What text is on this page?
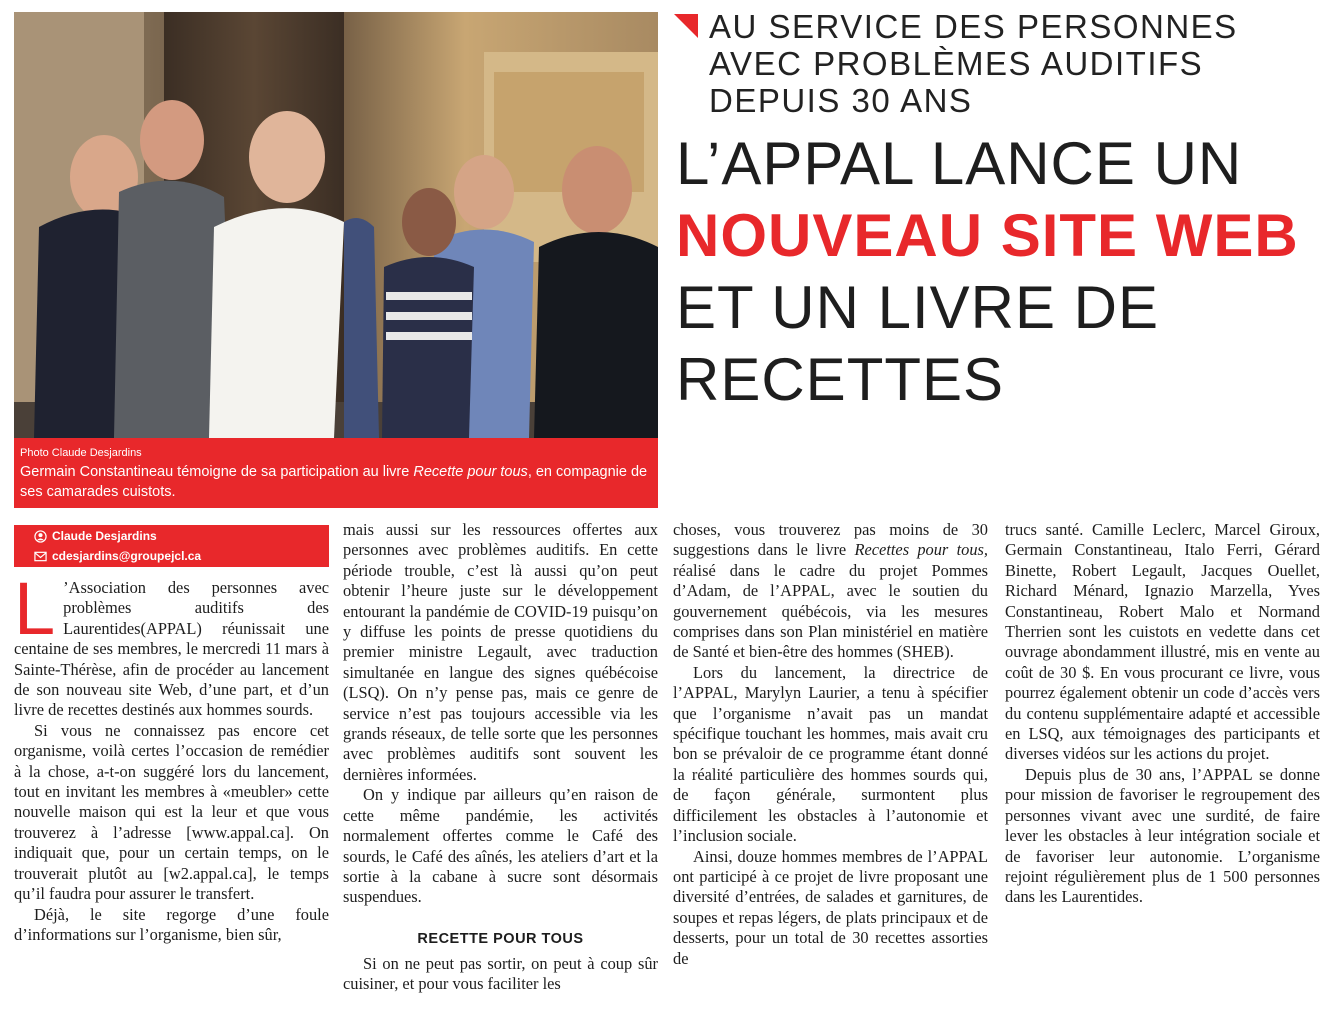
Photo Claude Desjardins
Germain Constantineau témoigne de sa participation au livre Recette pour tous, en compagnie de ses camarades cuistots.
AU SERVICE DES PERSONNES AVEC PROBLÈMES AUDITIFS DEPUIS 30 ANS
L’APPAL LANCE UN NOUVEAU SITE WEB ET UN LIVRE DE RECETTES
Claude Desjardins
cdesjardins@groupejcl.ca

L ’Association des personnes avec problèmes auditifs des Laurentides(APPAL) réunissait une centaine de ses membres, le mercredi 11 mars à Sainte-Thérèse, afin de procéder au lancement de son nouveau site Web, d’une part, et d’un livre de recettes destinés aux hommes sourds.

Si vous ne connaissez pas encore cet organisme, voilà certes l’occasion de remédier à la chose, a-t-on suggéré lors du lancement, tout en invitant les membres à «meubler» cette nouvelle maison qui est la leur et que vous trouverez à l’adresse [www.appal.ca]. On indiquait que, pour un certain temps, on le trouverait plutôt au [w2.appal.ca], le temps qu’il faudra pour assurer le transfert.

Déjà, le site regorge d’une foule d’informations sur l’organisme, bien sûr,

mais aussi sur les ressources offertes aux personnes avec problèmes auditifs. En cette période trouble, c’est là aussi qu’on peut obtenir l’heure juste sur le développement entourant la pandémie de COVID-19 puisqu’on y diffuse les points de presse quotidiens du premier ministre Legault, avec traduction simultanée en langue des signes québécoise (LSQ). On n’y pense pas, mais ce genre de service n’est pas toujours accessible via les grands réseaux, de telle sorte que les personnes avec problèmes auditifs sont souvent les dernières informées.

On y indique par ailleurs qu’en raison de cette même pandémie, les activités normalement offertes comme le Café des sourds, le Café des aînés, les ateliers d’art et la sortie à la cabane à sucre sont désormais suspendues.

RECETTE POUR TOUS

Si on ne peut pas sortir, on peut à coup sûr cuisiner, et pour vous faciliter les

choses, vous trouverez pas moins de 30 suggestions dans le livre Recettes pour tous, réalisé dans le cadre du projet Pommes d’Adam, de l’APPAL, avec le soutien du gouvernement québécois, via les mesures comprises dans son Plan ministériel en matière de Santé et bien-être des hommes (SHEB).

Lors du lancement, la directrice de l’APPAL, Marylyn Laurier, a tenu à spécifier que l’organisme n’avait pas un mandat spécifique touchant les hommes, mais avait cru bon se prévaloir de ce programme étant donné la réalité particulière des hommes sourds qui, de façon générale, surmontent plus difficilement les obstacles à l’autonomie et l’inclusion sociale.

Ainsi, douze hommes membres de l’APPAL ont participé à ce projet de livre proposant une diversité d’entrées, de salades et garnitures, de soupes et repas légers, de plats principaux et de desserts, pour un total de 30 recettes assorties de

trucs santé. Camille Leclerc, Marcel Giroux, Germain Constantineau, Italo Ferri, Gérard Binette, Robert Legault, Jacques Ouellet, Richard Ménard, Ignazio Marzella, Yves Constantineau, Robert Malo et Normand Therrien sont les cuistots en vedette dans cet ouvrage abondamment illustré, mis en vente au coût de 30 $. En vous procurant ce livre, vous pourrez également obtenir un code d’accès vers du contenu supplémentaire adapté et accessible en LSQ, aux témoignages des participants et diverses vidéos sur les actions du projet.

Depuis plus de 30 ans, l’APPAL se donne pour mission de favoriser le regroupement des personnes vivant avec une surdité, de faire lever les obstacles à leur intégration sociale et de favoriser leur autonomie. L’organisme rejoint régulièrement plus de 1 500 personnes dans les Laurentides.
